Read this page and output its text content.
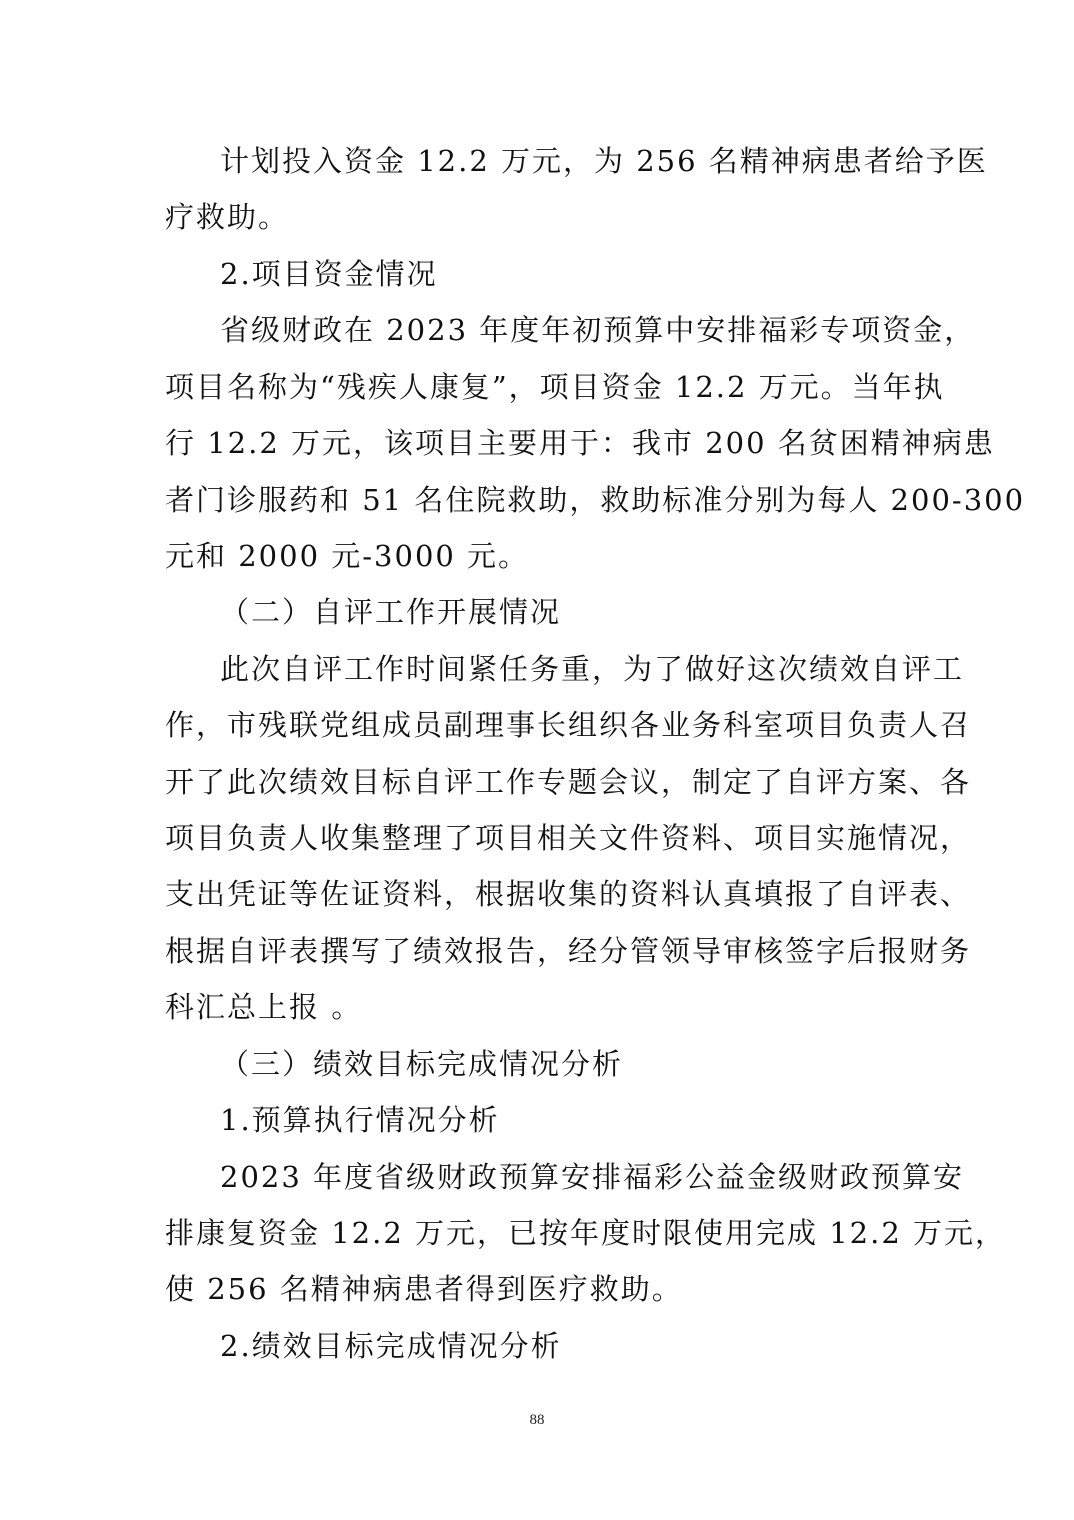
计划投入资金 12.2 万元，为 256 名精神病患者给予医
疗救助。
2.项目资金情况
省级财政在 2023 年度年初预算中安排福彩专项资金，
项目名称为“残疾人康复”，项目资金 12.2 万元。当年执
行 12.2 万元，该项目主要用于：我市 200 名贫困精神病患
者门诊服药和 51 名住院救助，救助标准分别为每人 200-300
元和 2000 元-3000 元。
（二）自评工作开展情况
此次自评工作时间紧任务重，为了做好这次绩效自评工
作，市残联党组成员副理事长组织各业务科室项目负责人召
开了此次绩效目标自评工作专题会议，制定了自评方案、各
项目负责人收集整理了项目相关文件资料、项目实施情况，
支出凭证等佐证资料，根据收集的资料认真填报了自评表、
根据自评表撰写了绩效报告，经分管领导审核签字后报财务
科汇总上报 。
（三）绩效目标完成情况分析
1.预算执行情况分析
2023 年度省级财政预算安排福彩公益金级财政预算安
排康复资金 12.2 万元，已按年度时限使用完成 12.2 万元，
使 256 名精神病患者得到医疗救助。
2.绩效目标完成情况分析
88
